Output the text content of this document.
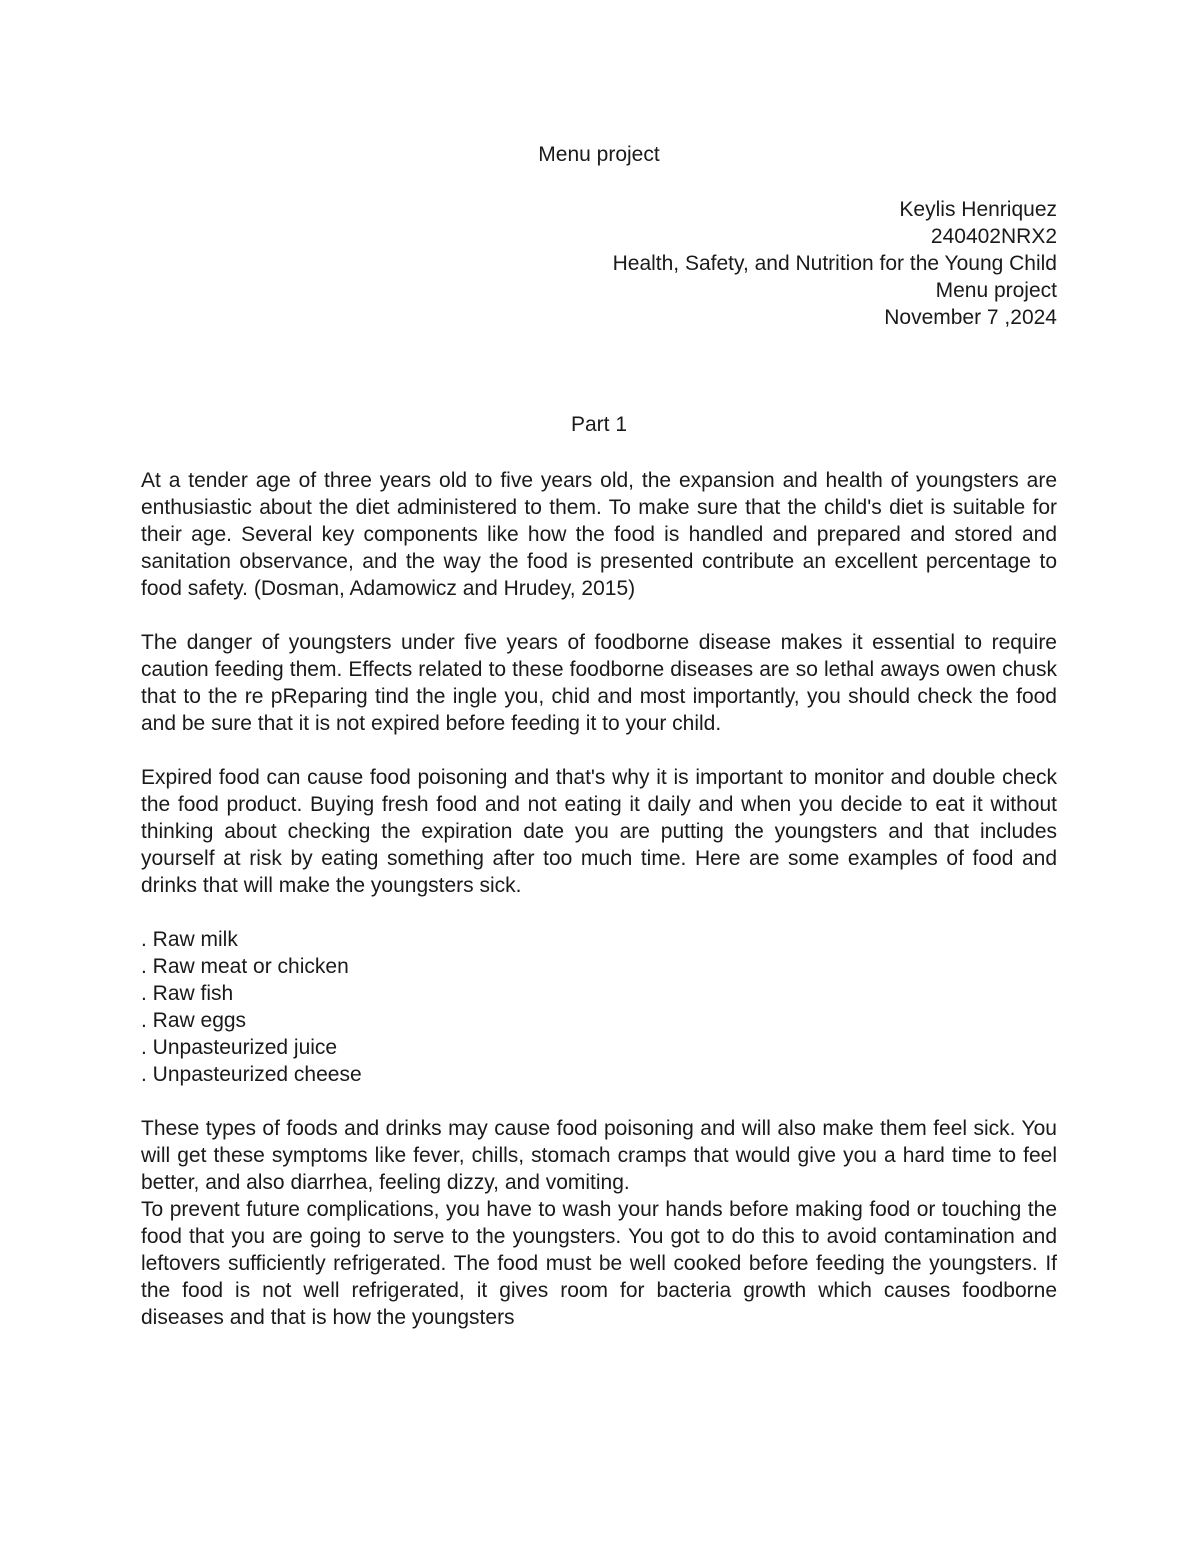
Menu project
Keylis Henriquez
240402NRX2
Health, Safety, and Nutrition for the Young Child
Menu project
November 7 ,2024
Part 1

At a tender age of three years old to five years old, the expansion and health of youngsters are enthusiastic about the diet administered to them. To make sure that the child's diet is suitable for their age. Several key components like how the food is handled and prepared and stored and sanitation observance, and the way the food is presented contribute an excellent percentage to food safety. (Dosman, Adamowicz and Hrudey, 2015)

The danger of youngsters under five years of foodborne disease makes it essential to require caution feeding them. Effects related to these foodborne diseases are so lethal aways owen chusk that to the re pReparing tind the ingle you, chid and most importantly, you should check the food and be sure that it is not expired before feeding it to your child.

Expired food can cause food poisoning and that's why it is important to monitor and double check the food product. Buying fresh food and not eating it daily and when you decide to eat it without thinking about checking the expiration date you are putting the youngsters and that includes yourself at risk by eating something after too much time. Here are some examples of food and drinks that will make the youngsters sick.

. Raw milk
. Raw meat or chicken
. Raw fish
. Raw eggs
. Unpasteurized juice
. Unpasteurized cheese

These types of foods and drinks may cause food poisoning and will also make them feel sick. You will get these symptoms like fever, chills, stomach cramps that would give you a hard time to feel better, and also diarrhea, feeling dizzy, and vomiting.

To prevent future complications, you have to wash your hands before making food or touching the food that you are going to serve to the youngsters. You got to do this to avoid contamination and leftovers sufficiently refrigerated. The food must be well cooked before feeding the youngsters. If the food is not well refrigerated, it gives room for bacteria growth which causes foodborne diseases and that is how the youngsters
